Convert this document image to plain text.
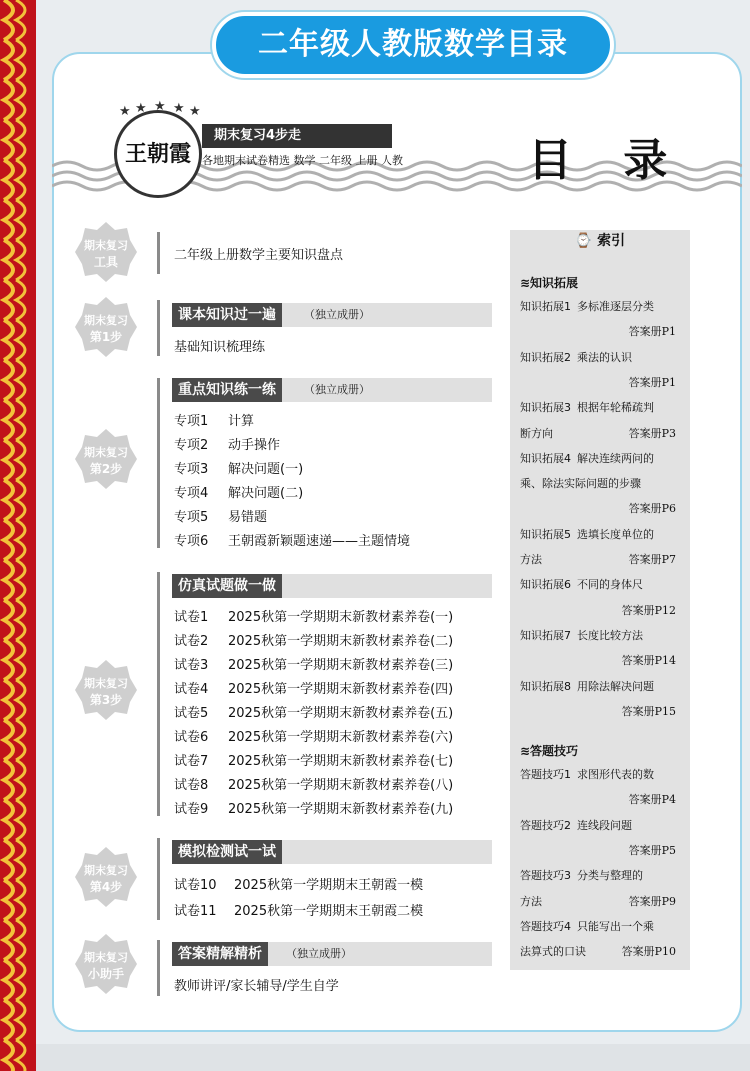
二年级人教版数学目录
★ ★ ★ ★ ★
王朝霞
期末复习4步走
各地期末试卷精选 数学 二年级 上册 人教	目 录
期末复习
工具
期末复习
第1步
期末复习
第2步
期末复习
第3步
期末复习
第4步
期末复习
小助手
二年级上册数学主要知识盘点
课本知识过一遍	（独立成册）
基础知识梳理练
重点知识练一练	（独立成册）
专项1 计算
专项2 动手操作
专项3 解决问题(一)
专项4 解决问题(二)
专项5 易错题
专项6 王朝霞新颖题速递——主题情境
仿真试题做一做
试卷1 2025秋第一学期期末新教材素养卷(一)
试卷2 2025秋第一学期期末新教材素养卷(二)
试卷3 2025秋第一学期期末新教材素养卷(三)
试卷4 2025秋第一学期期末新教材素养卷(四)
试卷5 2025秋第一学期期末新教材素养卷(五)
试卷6 2025秋第一学期期末新教材素养卷(六)
试卷7 2025秋第一学期期末新教材素养卷(七)
试卷8 2025秋第一学期期末新教材素养卷(八)
试卷9 2025秋第一学期期末新教材素养卷(九)
模拟检测试一试
试卷10 2025秋第一学期期末王朝霞一模
试卷11 2025秋第一学期期末王朝霞二模
答案精解精析	（独立成册）
教师讲评/家长辅导/学生自学
⌚ 索引
≋知识拓展
知识拓展1 多标准逐层分类
答案册P1
知识拓展2 乘法的认识
答案册P1
知识拓展3 根据年轮稀疏判
断方向	答案册P3
知识拓展4 解决连续两问的
乘、除法实际问题的步骤
答案册P6
知识拓展5 选填长度单位的
方法	答案册P7
知识拓展6 不同的身体尺
答案册P12
知识拓展7 长度比较方法
答案册P14
知识拓展8 用除法解决问题
答案册P15
≋答题技巧
答题技巧1 求图形代表的数
答案册P4
答题技巧2 连线段问题
答案册P5
答题技巧3 分类与整理的
方法	答案册P9
答题技巧4 只能写出一个乘
法算式的口诀	答案册P10
